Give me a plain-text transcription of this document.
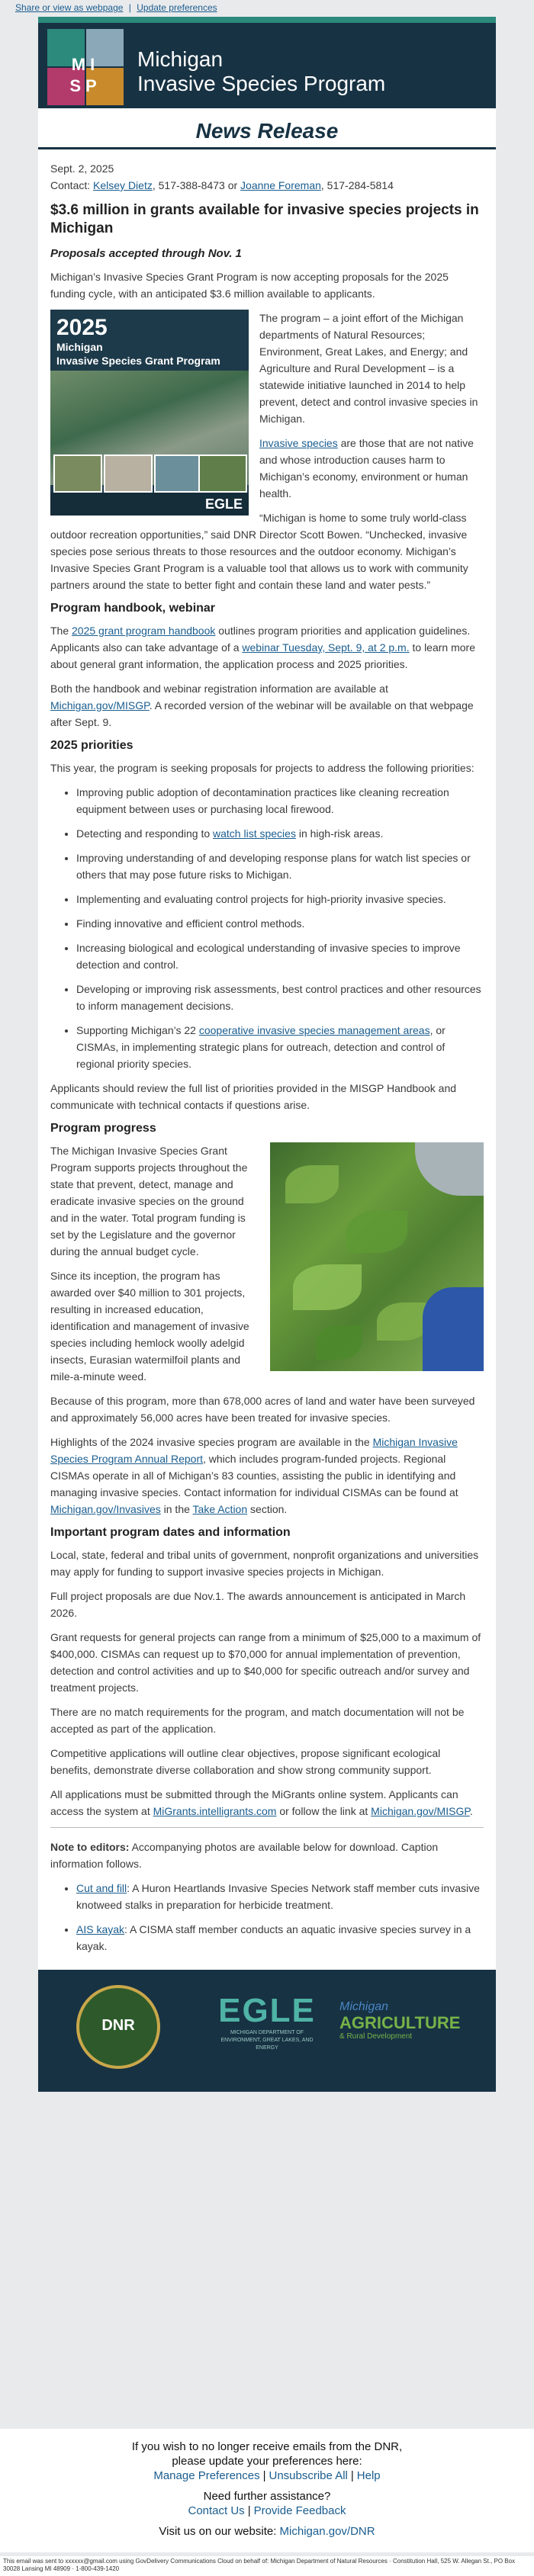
Share or view as webpage | Update preferences
MI
SP
Michigan
Invasive Species Program
News Release

Sept. 2, 2025

Contact: Kelsey Dietz, 517-388-8473 or Joanne Foreman, 517-284-5814

$3.6 million in grants available for invasive species projects in Michigan
Proposals accepted through Nov. 1

Michigan’s Invasive Species Grant Program is now accepting proposals for the 2025 funding cycle, with an anticipated $3.6 million available to applicants.

2025
Michigan
Invasive Species Grant Program
EGLE

The program – a joint effort of the Michigan departments of Natural Resources; Environment, Great Lakes, and Energy; and Agriculture and Rural Development – is a statewide initiative launched in 2014 to help prevent, detect and control invasive species in Michigan.

Invasive species are those that are not native and whose introduction causes harm to Michigan’s economy, environment or human health.

“Michigan is home to some truly world-class outdoor recreation opportunities,” said DNR Director Scott Bowen. “Unchecked, invasive species pose serious threats to those resources and the outdoor economy. Michigan’s Invasive Species Grant Program is a valuable tool that allows us to work with community partners around the state to better fight and contain these land and water pests.”

Program handbook, webinar

The 2025 grant program handbook outlines program priorities and application guidelines. Applicants also can take advantage of a webinar Tuesday, Sept. 9, at 2 p.m. to learn more about general grant information, the application process and 2025 priorities.

Both the handbook and webinar registration information are available at Michigan.gov/MISGP. A recorded version of the webinar will be available on that webpage after Sept. 9.

2025 priorities

This year, the program is seeking proposals for projects to address the following priorities:

• Improving public adoption of decontamination practices like cleaning recreation equipment between uses or purchasing local firewood.
• Detecting and responding to watch list species in high-risk areas.
• Improving understanding of and developing response plans for watch list species or others that may pose future risks to Michigan.
• Implementing and evaluating control projects for high-priority invasive species.
• Finding innovative and efficient control methods.
• Increasing biological and ecological understanding of invasive species to improve detection and control.
• Developing or improving risk assessments, best control practices and other resources to inform management decisions.
• Supporting Michigan’s 22 cooperative invasive species management areas, or CISMAs, in implementing strategic plans for outreach, detection and control of regional priority species.

Applicants should review the full list of priorities provided in the MISGP Handbook and communicate with technical contacts if questions arise.

Program progress

The Michigan Invasive Species Grant Program supports projects throughout the state that prevent, detect, manage and eradicate invasive species on the ground and in the water. Total program funding is set by the Legislature and the governor during the annual budget cycle.

Since its inception, the program has awarded over $40 million to 301 projects, resulting in increased education, identification and management of invasive species including hemlock woolly adelgid insects, Eurasian watermilfoil plants and mile-a-minute weed.

Because of this program, more than 678,000 acres of land and water have been surveyed and approximately 56,000 acres have been treated for invasive species.

Highlights of the 2024 invasive species program are available in the Michigan Invasive Species Program Annual Report, which includes program-funded projects. Regional CISMAs operate in all of Michigan’s 83 counties, assisting the public in identifying and managing invasive species. Contact information for individual CISMAs can be found at Michigan.gov/Invasives in the Take Action section.

Important program dates and information

Local, state, federal and tribal units of government, nonprofit organizations and universities may apply for funding to support invasive species projects in Michigan.

Full project proposals are due Nov.1. The awards announcement is anticipated in March 2026.

Grant requests for general projects can range from a minimum of $25,000 to a maximum of $400,000. CISMAs can request up to $70,000 for annual implementation of prevention, detection and control activities and up to $40,000 for specific outreach and/or survey and treatment projects.

There are no match requirements for the program, and match documentation will not be accepted as part of the application.

Competitive applications will outline clear objectives, propose significant ecological benefits, demonstrate diverse collaboration and show strong community support.

All applications must be submitted through the MiGrants online system. Applicants can access the system at MiGrants.intelligrants.com or follow the link at Michigan.gov/MISGP.

Note to editors: Accompanying photos are available below for download. Caption information follows.

• Cut and fill: A Huron Heartlands Invasive Species Network staff member cuts invasive knotweed stalks in preparation for herbicide treatment.
• AIS kayak: A CISMA staff member conducts an aquatic invasive species survey in a kayak.
DNR	EGLE
MICHIGAN DEPARTMENT OF ENVIRONMENT, GREAT LAKES, AND ENERGY
Michigan
AGRICULTURE
& Rural Development
If you wish to no longer receive emails from the DNR,
please update your preferences here:
Manage Preferences | Unsubscribe All | Help
Need further assistance?
Contact Us | Provide Feedback
Visit us on our website: Michigan.gov/DNR
This email was sent to xxxxxx@gmail.com using GovDelivery Communications Cloud on behalf of: Michigan Department of Natural Resources · Constitution Hall, 525 W. Allegan St., PO Box 30028 Lansing MI 48909 · 1-800-439-1420
